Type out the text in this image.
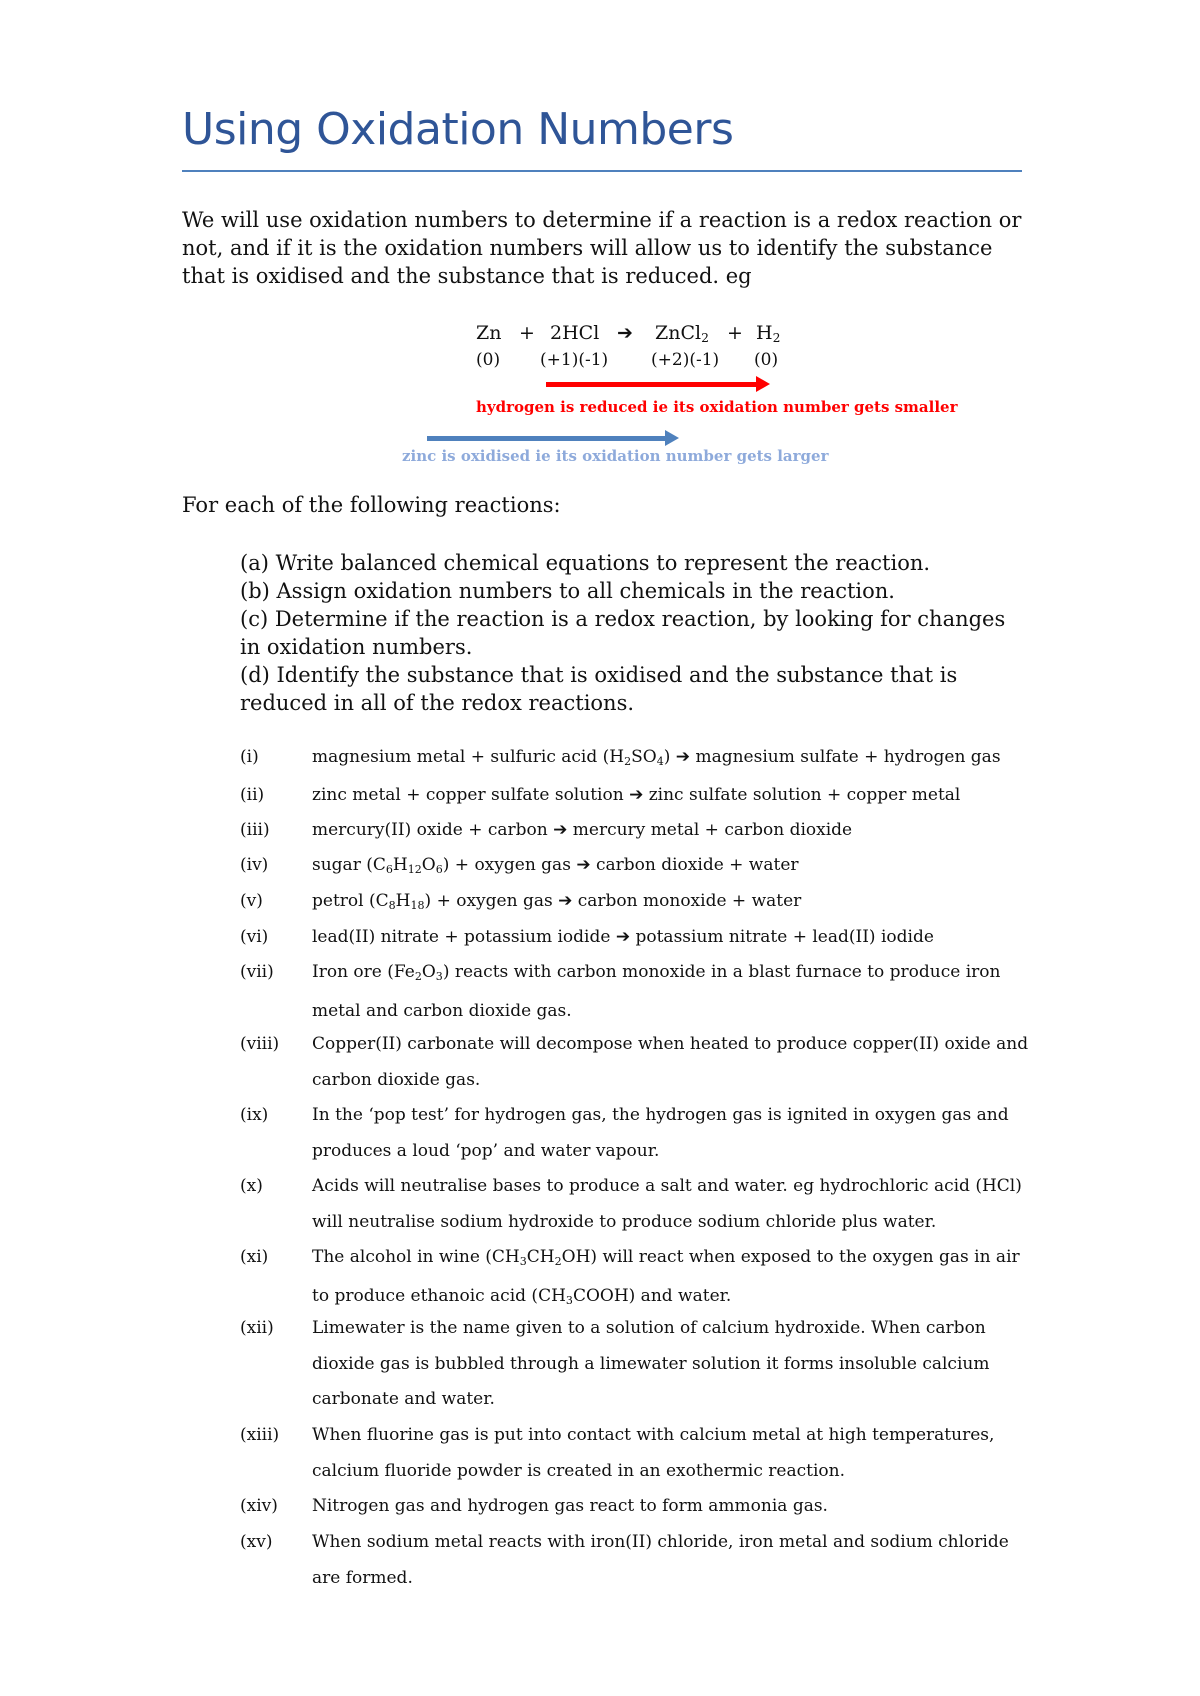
Using Oxidation Numbers
We will use oxidation numbers to determine if a reaction is a redox reaction or not, and if it is the oxidation numbers will allow us to identify the substance that is oxidised and the substance that is reduced. eg
Zn + 2HCl ➔ ZnCl$_2$ + $H_2$
(0) (+1)(-1)	(+2)(-1) (0)
hydrogen is reduced ie its oxidation number gets smaller
zinc is oxidised ie its oxidation number gets larger
For each of the following reactions:

(a) Write balanced chemical equations to represent the reaction.

(b) Assign oxidation numbers to all chemicals in the reaction.

(c) Determine if the reaction is a redox reaction, by looking for changes in oxidation numbers.

(d) Identify the substance that is oxidised and the substance that is reduced in all of the redox reactions.

(i)	magnesium metal + sulfuric acid $(H_2SO_4)$ ➔ magnesium sulfate + hydrogen gas
(ii)	zinc metal + copper sulfate solution ➔ zinc sulfate solution + copper metal
(iii)	mercury(II) oxide + carbon ➔ mercury metal + carbon dioxide
(iv)	sugar $(C_6H_{12}O_6)$ + oxygen gas ➔ carbon dioxide + water
(v)	petrol $(C_8H_{18})$ + oxygen gas ➔ carbon monoxide + water
(vi)	lead(II) nitrate + potassium iodide ➔ potassium nitrate + lead(II) iodide
(vii)	Iron ore $(Fe_2O_3)$ reacts with carbon monoxide in a blast furnace to produce iron metal and carbon dioxide gas.
(viii)	Copper(II) carbonate will decompose when heated to produce copper(II) oxide and carbon dioxide gas.
(ix)	In the ‘pop test’ for hydrogen gas, the hydrogen gas is ignited in oxygen gas and produces a loud ‘pop’ and water vapour.
(x)	Acids will neutralise bases to produce a salt and water. eg hydrochloric acid (HCl) will neutralise sodium hydroxide to produce sodium chloride plus water.
(xi)	The alcohol in wine $(CH_3CH_2OH)$ will react when exposed to the oxygen gas in air to produce ethanoic acid $(CH_3COOH)$ and water.
(xii)	Limewater is the name given to a solution of calcium hydroxide. When carbon dioxide gas is bubbled through a limewater solution it forms insoluble calcium carbonate and water.
(xiii)	When fluorine gas is put into contact with calcium metal at high temperatures, calcium fluoride powder is created in an exothermic reaction.
(xiv)	Nitrogen gas and hydrogen gas react to form ammonia gas.
(xv)	When sodium metal reacts with iron(II) chloride, iron metal and sodium chloride are formed.
